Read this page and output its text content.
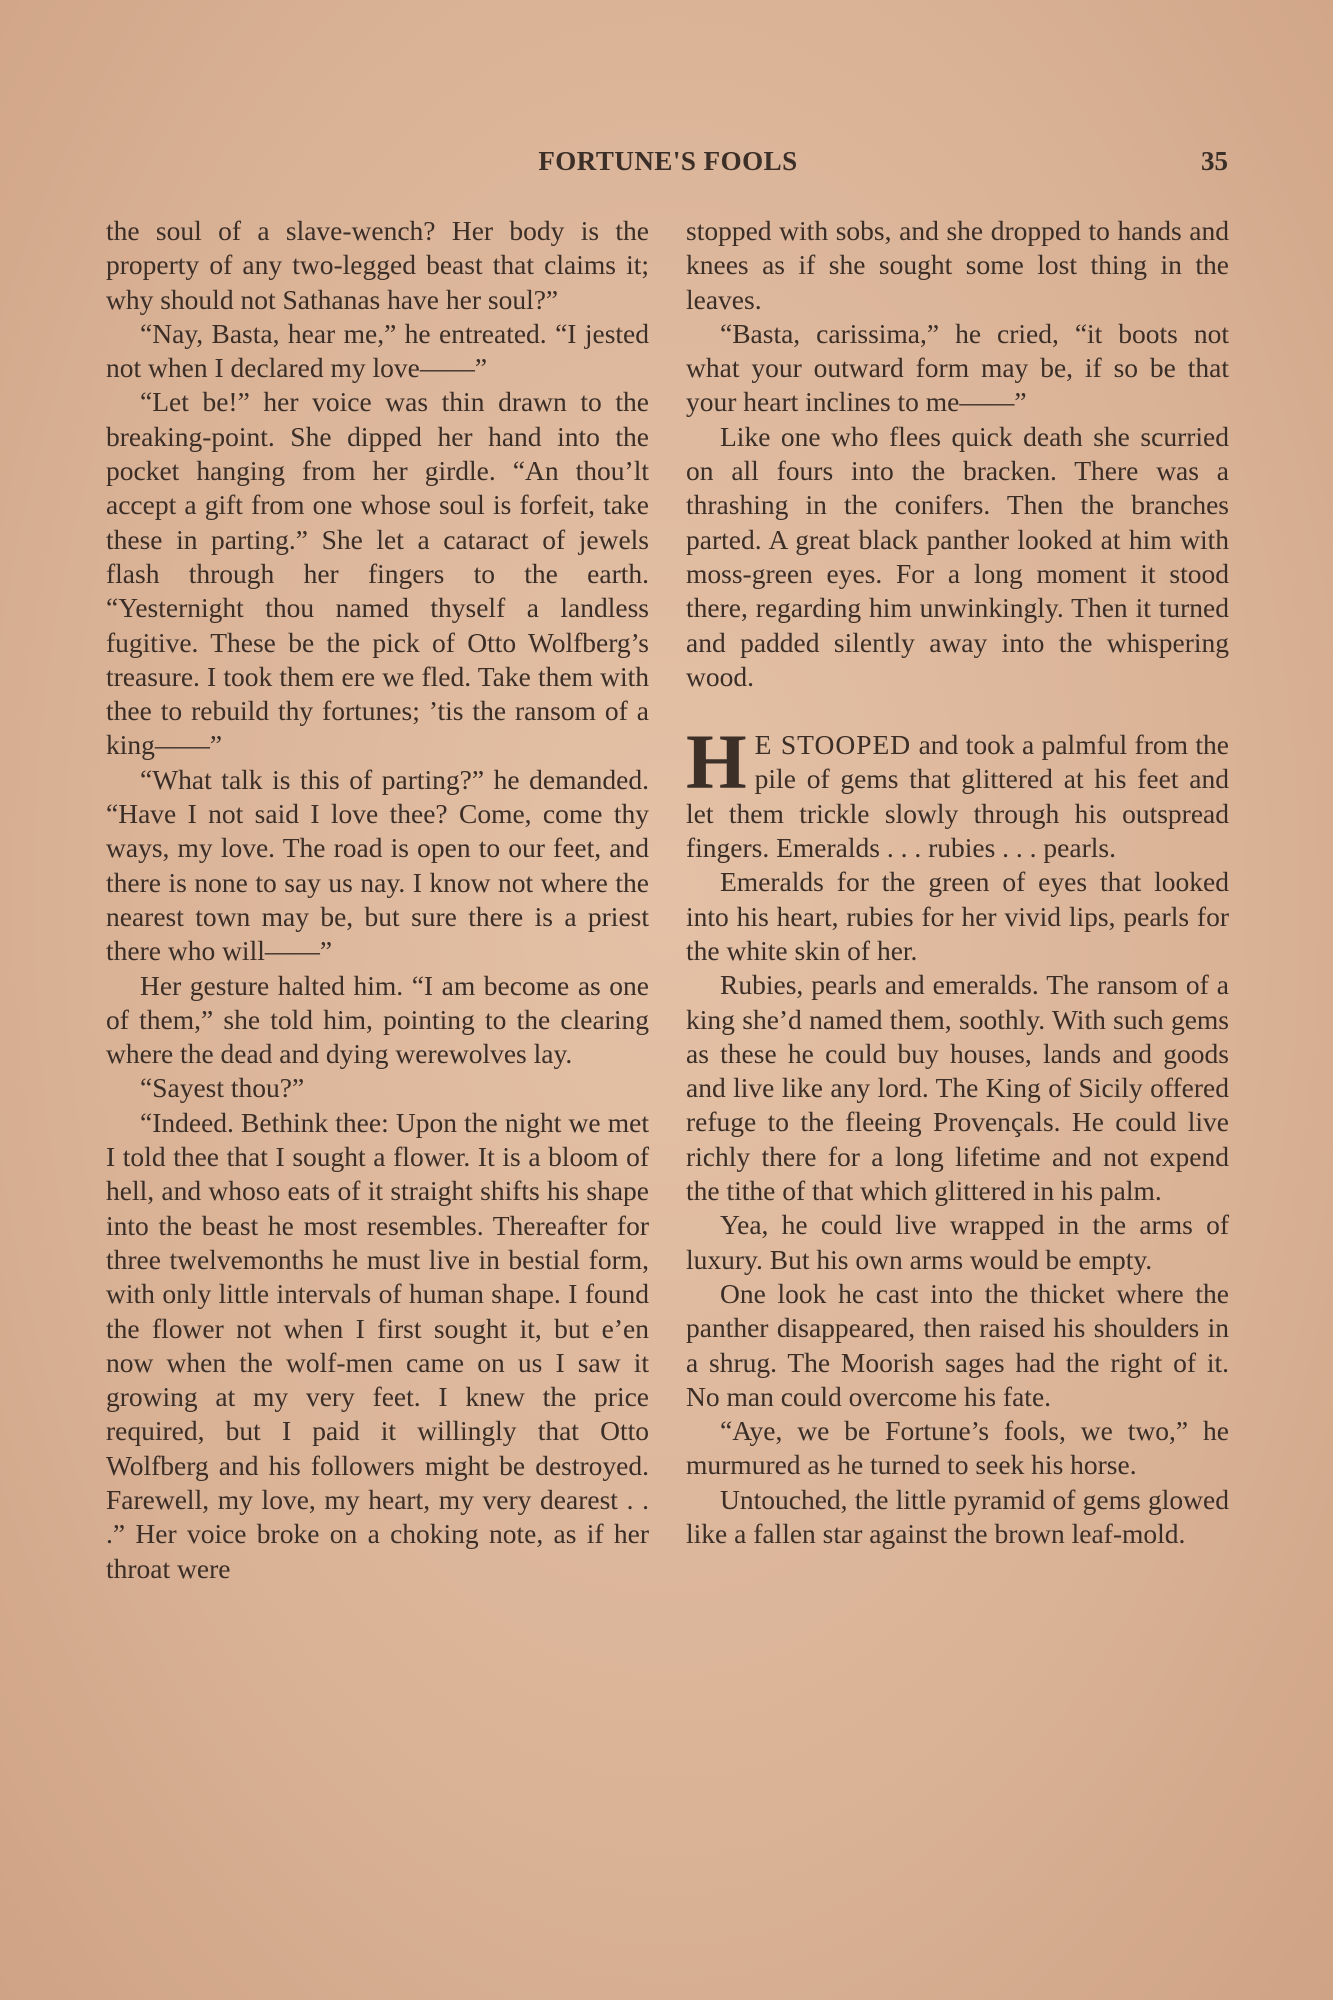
FORTUNE'S FOOLS	35

the soul of a slave-wench? Her body is the property of any two-legged beast that claims it; why should not Sathanas have her soul?”

“Nay, Basta, hear me,” he entreated. “I jested not when I declared my love——”

“Let be!” her voice was thin drawn to the breaking-point. She dipped her hand into the pocket hanging from her girdle. “An thou’lt accept a gift from one whose soul is forfeit, take these in parting.” She let a cataract of jewels flash through her fingers to the earth. “Yesternight thou named thyself a landless fugitive. These be the pick of Otto Wolfberg’s treasure. I took them ere we fled. Take them with thee to rebuild thy fortunes; ’tis the ransom of a king——”

“What talk is this of parting?” he demanded. “Have I not said I love thee? Come, come thy ways, my love. The road is open to our feet, and there is none to say us nay. I know not where the nearest town may be, but sure there is a priest there who will——”

Her gesture halted him. “I am become as one of them,” she told him, pointing to the clearing where the dead and dying werewolves lay.

“Sayest thou?”

“Indeed. Bethink thee: Upon the night we met I told thee that I sought a flower. It is a bloom of hell, and whoso eats of it straight shifts his shape into the beast he most resembles. Thereafter for three twelvemonths he must live in bestial form, with only little intervals of human shape. I found the flower not when I first sought it, but e’en now when the wolf-men came on us I saw it growing at my very feet. I knew the price required, but I paid it willingly that Otto Wolfberg and his followers might be destroyed. Farewell, my love, my heart, my very dearest . . .” Her voice broke on a choking note, as if her throat were

stopped with sobs, and she dropped to hands and knees as if she sought some lost thing in the leaves.

“Basta, carissima,” he cried, “it boots not what your outward form may be, if so be that your heart inclines to me——”

Like one who flees quick death she scurried on all fours into the bracken. There was a thrashing in the conifers. Then the branches parted. A great black panther looked at him with moss-green eyes. For a long moment it stood there, regarding him unwinkingly. Then it turned and padded silently away into the whispering wood.

H E STOOPED and took a palmful from the pile of gems that glittered at his feet and let them trickle slowly through his outspread fingers. Emeralds . . . rubies . . . pearls.

Emeralds for the green of eyes that looked into his heart, rubies for her vivid lips, pearls for the white skin of her.

Rubies, pearls and emeralds. The ransom of a king she’d named them, soothly. With such gems as these he could buy houses, lands and goods and live like any lord. The King of Sicily offered refuge to the fleeing Provençals. He could live richly there for a long lifetime and not expend the tithe of that which glittered in his palm.

Yea, he could live wrapped in the arms of luxury. But his own arms would be empty.

One look he cast into the thicket where the panther disappeared, then raised his shoulders in a shrug. The Moorish sages had the right of it. No man could overcome his fate.

“Aye, we be Fortune’s fools, we two,” he murmured as he turned to seek his horse.

Untouched, the little pyramid of gems glowed like a fallen star against the brown leaf-mold.
